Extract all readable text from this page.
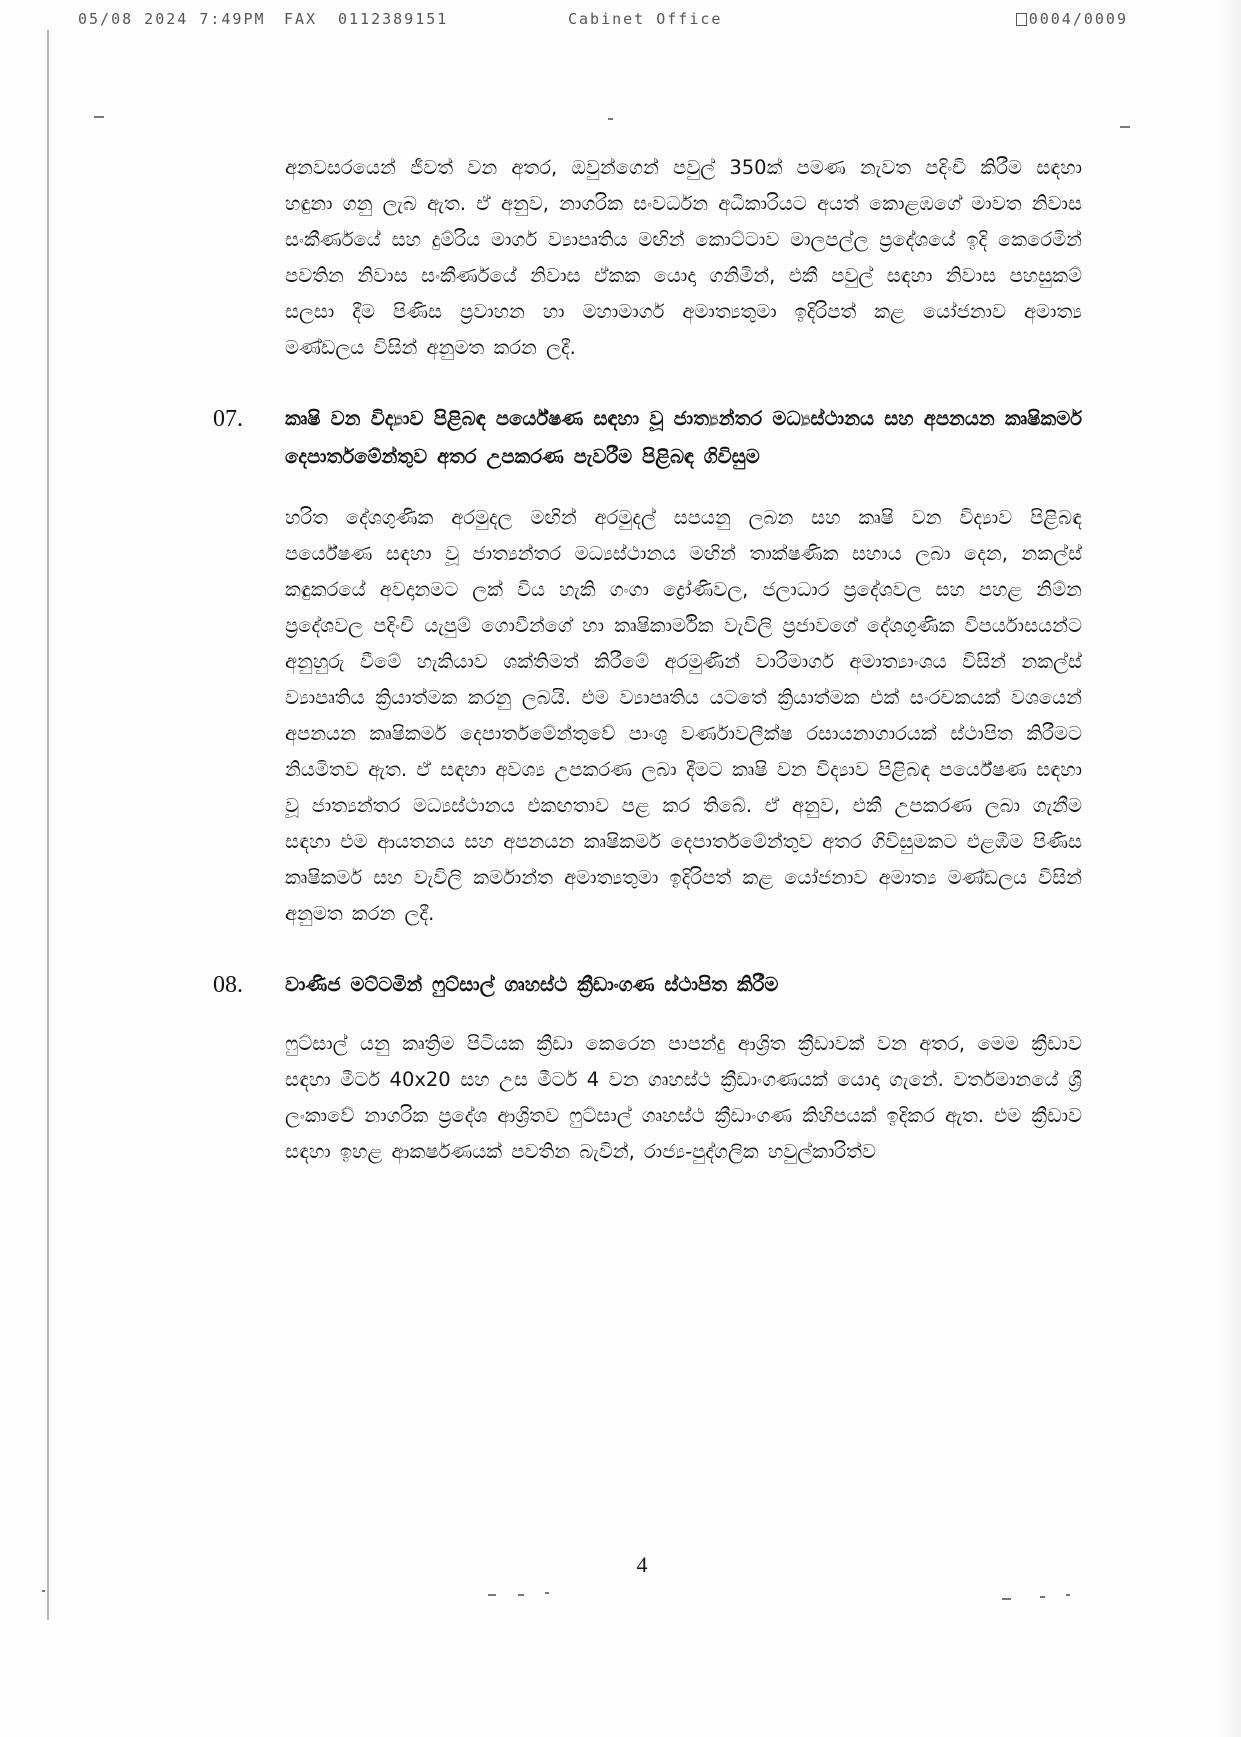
05/08 2024 7:49PM FAX 0112389151	Cabinet Office	0004/0009

අනවසරයෙන් ජීවත් වන අතර, ඔවුන්ගෙන් පවුල් 350ක් පමණ නැවත පදිංචි කිරීම සඳහා හඳුනා ගනු ලැබ ඇත. ඒ අනුව, නාගරික සංවර්ධන අධිකාරියට අයත් කොළඹගේ මාවත නිවාස සංකීර්ණයේ සහ දුම්රිය මාර්ග ව්‍යාපෘතිය මඟින් කොට්ටාව මාලපල්ල ප්‍රදේශයේ ඉදි කෙරෙමින් පවතින නිවාස සංකීර්ණයේ නිවාස ඒකක යොදා ගනිමින්, එකී පවුල් සඳහා නිවාස පහසුකම් සලසා දීම පිණිස ප්‍රවාහන හා මහාමාර්ග අමාත්‍යතුමා ඉදිරිපත් කළ යෝජනාව අමාත්‍ය මණ්ඩලය විසින් අනුමත කරන ලදී.

07. කෘෂි වන විද්‍යාව පිළිබඳ පර්යේෂණ සඳහා වූ ජාත්‍යන්තර මධ්‍යස්ථානය සහ අපනයන කෘෂිකර්ම දෙපාර්තමේන්තුව අතර උපකරණ පැවරීම පිළිබඳ ගිවිසුම

හරිත දේශගුණික අරමුදල මඟින් අරමුදල් සපයනු ලබන සහ කෘෂි වන විද්‍යාව පිළිබඳ පර්යේෂණ සඳහා වූ ජාත්‍යන්තර මධ්‍යස්ථානය මඟින් තාක්ෂණික සහාය ලබා දෙන, නකල්ස් කඳුකරයේ අවදානමට ලක් විය හැකි ගංගා ද්‍රෝණිවල, ජලාධාර ප්‍රදේශවල සහ පහළ නිම්න ප්‍රදේශවල පදිංචි යැපුම් ගොවීන්ගේ හා කෘෂිකාර්මික වැවිලි ප්‍රජාවගේ දේශගුණික විපර්යාසයන්ට අනුහුරු වීමේ හැකියාව ශක්තිමත් කිරීමේ අරමුණින් වාරිමාර්ග අමාත්‍යාංශය විසින් නකල්ස් ව්‍යාපෘතිය ක්‍රියාත්මක කරනු ලබයි. එම ව්‍යාපෘතිය යටතේ ක්‍රියාත්මක එක් සංරචකයක් වශයෙන් අපනයන කෘෂිකර්ම දෙපාර්තමේන්තුවේ පාංශු වර්ණාවලීක්ෂ රසායනාගාරයක් ස්ථාපිත කිරීමට නියමිතව ඇත. ඒ සඳහා අවශ්‍ය උපකරණ ලබා දීමට කෘෂි වන විද්‍යාව පිළිබඳ පර්යේෂණ සඳහා වූ ජාත්‍යන්තර මධ්‍යස්ථානය එකඟතාව පළ කර තිබේ. ඒ අනුව, එකී උපකරණ ලබා ගැනීම සඳහා එම ආයතනය සහ අපනයන කෘෂිකර්ම දෙපාර්තමේන්තුව අතර ගිවිසුමකට එළඹීම පිණිස කෘෂිකර්ම සහ වැවිලි කර්මාන්ත අමාත්‍යතුමා ඉදිරිපත් කළ යෝජනාව අමාත්‍ය මණ්ඩලය විසින් අනුමත කරන ලදී.

08. වාණිජ මට්ටමින් ෆුට්සාල් ගෘහස්ථ ක්‍රීඩාංගණ ස්ථාපිත කිරීම

ෆුට්සාල් යනු කෘත්‍රිම පිටියක ක්‍රීඩා කෙරෙන පාපන්දු ආශ්‍රිත ක්‍රීඩාවක් වන අතර, මෙම ක්‍රීඩාව සඳහා මීටර් 40x20 සහ උස මීටර් 4 වන ගෘහස්ථ ක්‍රීඩාංගණයක් යොදා ගැනේ. වර්තමානයේ ශ්‍රී ලංකාවේ නාගරික ප්‍රදේශ ආශ්‍රිතව ෆුට්සාල් ගෘහස්ථ ක්‍රීඩාංගණ කිහිපයක් ඉදිකර ඇත. එම ක්‍රීඩාව සඳහා ඉහළ ආකර්ෂණයක් පවතින බැවින්, රාජ්‍ය-පුද්ගලික හවුල්කාරිත්ව

4
